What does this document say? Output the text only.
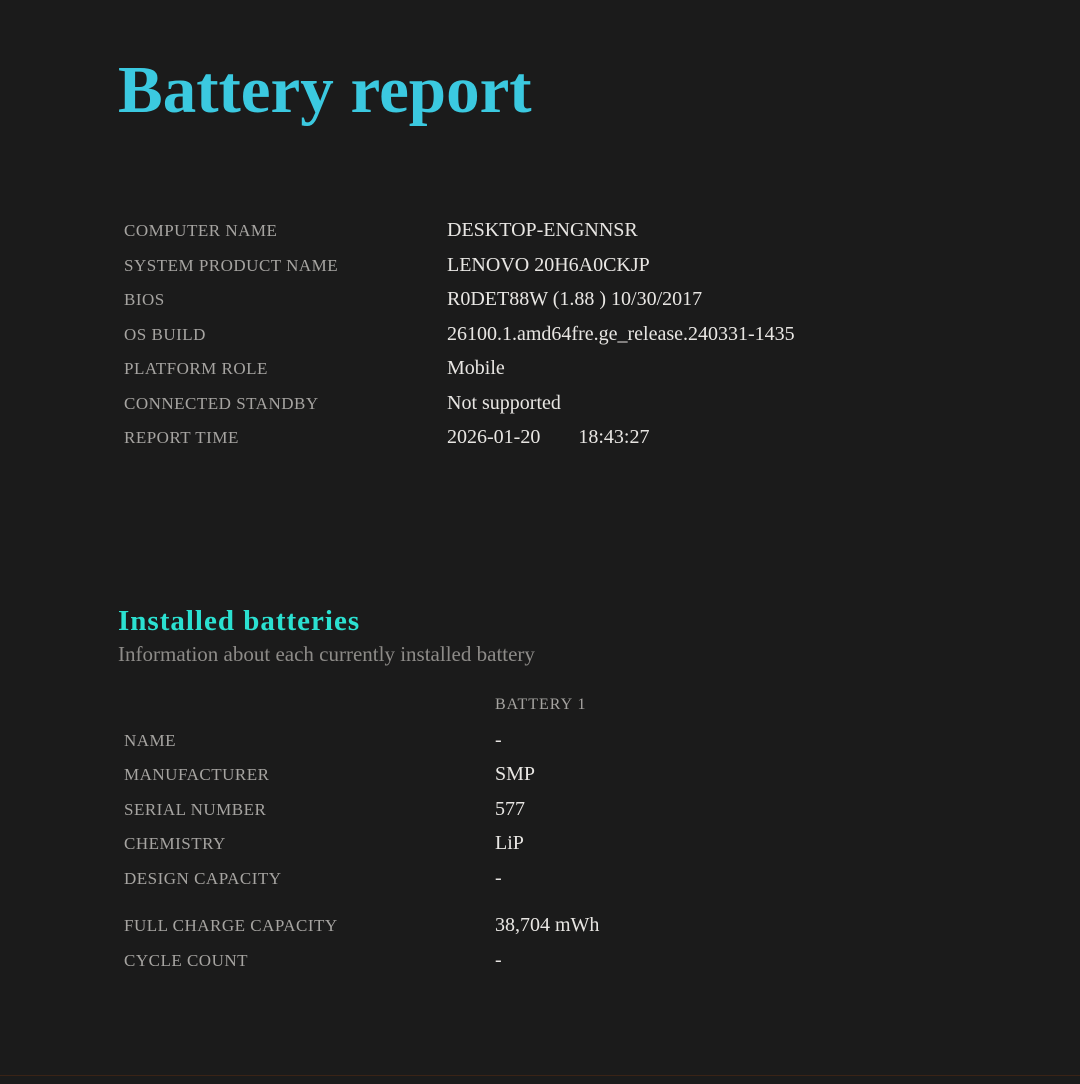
Battery report
COMPUTER NAME	DESKTOP-ENGNNSR
SYSTEM PRODUCT NAME	LENOVO 20H6A0CKJP
BIOS	R0DET88W (1.88 ) 10/30/2017
OS BUILD	26100.1.amd64fre.ge_release.240331-1435
PLATFORM ROLE	Mobile
CONNECTED STANDBY	Not supported
REPORT TIME	2026-01-20 18:43:27
Installed batteries
Information about each currently installed battery
BATTERY 1
NAME	-
MANUFACTURER	SMP
SERIAL NUMBER	577
CHEMISTRY	LiP
DESIGN CAPACITY	-
FULL CHARGE CAPACITY	38,704 mWh
CYCLE COUNT	-
